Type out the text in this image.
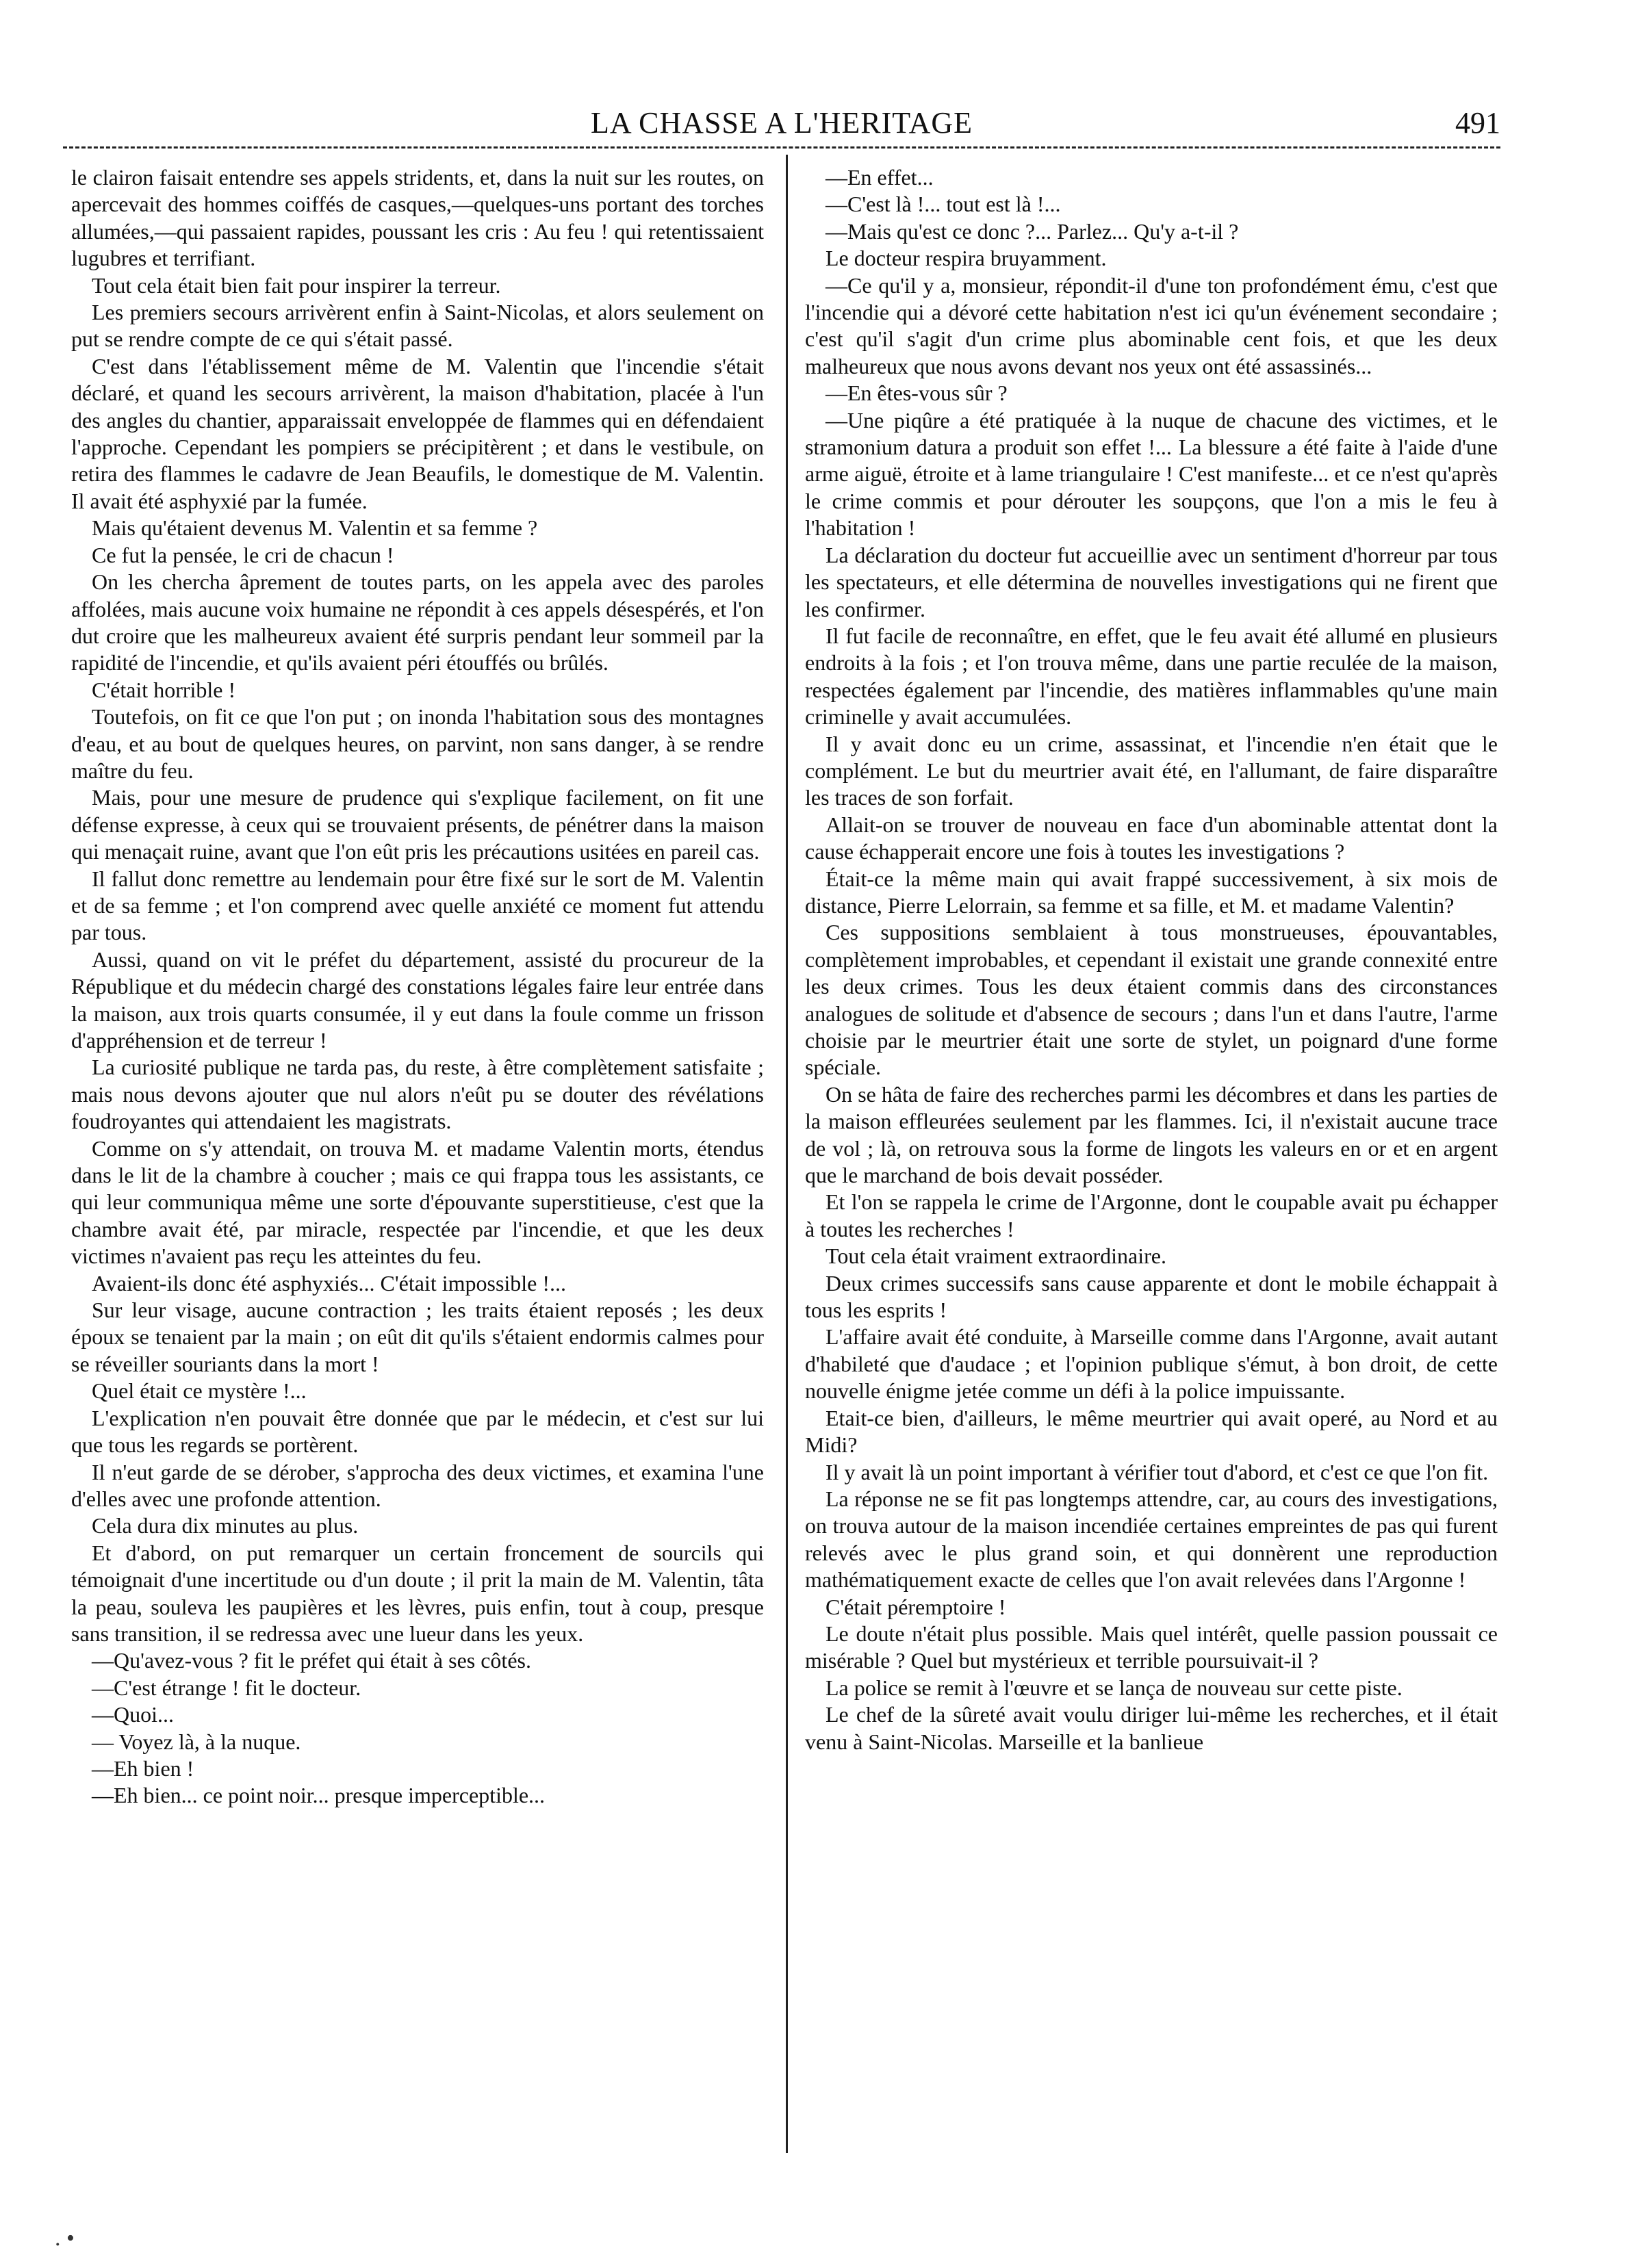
LA CHASSE A L'HERITAGE	491

le clairon faisait entendre ses appels stridents, et, dans la nuit sur les routes, on apercevait des hommes coiffés de casques,—quelques-uns portant des torches allumées,—qui passaient rapides, poussant les cris : Au feu ! qui retentissaient lugubres et terrifiant.

Tout cela était bien fait pour inspirer la terreur.

Les premiers secours arrivèrent enfin à Saint-Nicolas, et alors seulement on put se rendre compte de ce qui s'était passé.

C'est dans l'établissement même de M. Valentin que l'incendie s'était déclaré, et quand les secours arrivèrent, la maison d'habitation, placée à l'un des angles du chantier, apparaissait enveloppée de flammes qui en défendaient l'approche. Cependant les pompiers se précipitèrent ; et dans le vestibule, on retira des flammes le cadavre de Jean Beaufils, le domestique de M. Valentin. Il avait été asphyxié par la fumée.

Mais qu'étaient devenus M. Valentin et sa femme ?

Ce fut la pensée, le cri de chacun !

On les chercha âprement de toutes parts, on les appela avec des paroles affolées, mais aucune voix humaine ne répondit à ces appels désespérés, et l'on dut croire que les malheureux avaient été surpris pendant leur sommeil par la rapidité de l'incendie, et qu'ils avaient péri étouffés ou brûlés.

C'était horrible !

Toutefois, on fit ce que l'on put ; on inonda l'habitation sous des montagnes d'eau, et au bout de quelques heures, on parvint, non sans danger, à se rendre maître du feu.

Mais, pour une mesure de prudence qui s'explique facilement, on fit une défense expresse, à ceux qui se trouvaient présents, de pénétrer dans la maison qui menaçait ruine, avant que l'on eût pris les précautions usitées en pareil cas.

Il fallut donc remettre au lendemain pour être fixé sur le sort de M. Valentin et de sa femme ; et l'on comprend avec quelle anxiété ce moment fut attendu par tous.

Aussi, quand on vit le préfet du département, assisté du procureur de la République et du médecin chargé des constations légales faire leur entrée dans la maison, aux trois quarts consumée, il y eut dans la foule comme un frisson d'appréhension et de terreur !

La curiosité publique ne tarda pas, du reste, à être complètement satisfaite ; mais nous devons ajouter que nul alors n'eût pu se douter des révélations foudroyantes qui attendaient les magistrats.

Comme on s'y attendait, on trouva M. et madame Valentin morts, étendus dans le lit de la chambre à coucher ; mais ce qui frappa tous les assistants, ce qui leur communiqua même une sorte d'épouvante superstitieuse, c'est que la chambre avait été, par miracle, respectée par l'incendie, et que les deux victimes n'avaient pas reçu les atteintes du feu.

Avaient-ils donc été asphyxiés... C'était impossible !...

Sur leur visage, aucune contraction ; les traits étaient reposés ; les deux époux se tenaient par la main ; on eût dit qu'ils s'étaient endormis calmes pour se réveiller souriants dans la mort !

Quel était ce mystère !...

L'explication n'en pouvait être donnée que par le médecin, et c'est sur lui que tous les regards se portèrent.

Il n'eut garde de se dérober, s'approcha des deux victimes, et examina l'une d'elles avec une profonde attention.

Cela dura dix minutes au plus.

Et d'abord, on put remarquer un certain froncement de sourcils qui témoignait d'une incertitude ou d'un doute ; il prit la main de M. Valentin, tâta la peau, souleva les paupières et les lèvres, puis enfin, tout à coup, presque sans transition, il se redressa avec une lueur dans les yeux.

—Qu'avez-vous ? fit le préfet qui était à ses côtés.

—C'est étrange ! fit le docteur.

—Quoi...

— Voyez là, à la nuque.

—Eh bien !

—Eh bien... ce point noir... presque imperceptible...

—En effet...

—C'est là !... tout est là !...

—Mais qu'est ce donc ?... Parlez... Qu'y a-t-il ?

Le docteur respira bruyamment.

—Ce qu'il y a, monsieur, répondit-il d'une ton profondément ému, c'est que l'incendie qui a dévoré cette habitation n'est ici qu'un événement secondaire ; c'est qu'il s'agit d'un crime plus abominable cent fois, et que les deux malheureux que nous avons devant nos yeux ont été assassinés...

—En êtes-vous sûr ?

—Une piqûre a été pratiquée à la nuque de chacune des victimes, et le stramonium datura a produit son effet !... La blessure a été faite à l'aide d'une arme aiguë, étroite et à lame triangulaire ! C'est manifeste... et ce n'est qu'après le crime commis et pour dérouter les soupçons, que l'on a mis le feu à l'habitation !

La déclaration du docteur fut accueillie avec un sentiment d'horreur par tous les spectateurs, et elle détermina de nouvelles investigations qui ne firent que les confirmer.

Il fut facile de reconnaître, en effet, que le feu avait été allumé en plusieurs endroits à la fois ; et l'on trouva même, dans une partie reculée de la maison, respectées également par l'incendie, des matières inflammables qu'une main criminelle y avait accumulées.

Il y avait donc eu un crime, assassinat, et l'incendie n'en était que le complément. Le but du meurtrier avait été, en l'allumant, de faire disparaître les traces de son forfait.

Allait-on se trouver de nouveau en face d'un abominable attentat dont la cause échapperait encore une fois à toutes les investigations ?

Était-ce la même main qui avait frappé successivement, à six mois de distance, Pierre Lelorrain, sa femme et sa fille, et M. et madame Valentin?

Ces suppositions semblaient à tous monstrueuses, épouvantables, complètement improbables, et cependant il existait une grande connexité entre les deux crimes. Tous les deux étaient commis dans des circonstances analogues de solitude et d'absence de secours ; dans l'un et dans l'autre, l'arme choisie par le meurtrier était une sorte de stylet, un poignard d'une forme spéciale.

On se hâta de faire des recherches parmi les décombres et dans les parties de la maison effleurées seulement par les flammes. Ici, il n'existait aucune trace de vol ; là, on retrouva sous la forme de lingots les valeurs en or et en argent que le marchand de bois devait posséder.

Et l'on se rappela le crime de l'Argonne, dont le coupable avait pu échapper à toutes les recherches !

Tout cela était vraiment extraordinaire.

Deux crimes successifs sans cause apparente et dont le mobile échappait à tous les esprits !

L'affaire avait été conduite, à Marseille comme dans l'Argonne, avait autant d'habileté que d'audace ; et l'opinion publique s'émut, à bon droit, de cette nouvelle énigme jetée comme un défi à la police impuissante.

Etait-ce bien, d'ailleurs, le même meurtrier qui avait operé, au Nord et au Midi?

Il y avait là un point important à vérifier tout d'abord, et c'est ce que l'on fit.

La réponse ne se fit pas longtemps attendre, car, au cours des investigations, on trouva autour de la maison incendiée certaines empreintes de pas qui furent relevés avec le plus grand soin, et qui donnèrent une reproduction mathématiquement exacte de celles que l'on avait relevées dans l'Argonne !

C'était péremptoire !

Le doute n'était plus possible. Mais quel intérêt, quelle passion poussait ce misérable ? Quel but mystérieux et terrible poursuivait-il ?

La police se remit à l'œuvre et se lança de nouveau sur cette piste.

Le chef de la sûreté avait voulu diriger lui-même les recherches, et il était venu à Saint-Nicolas. Marseille et la banlieue

. •
